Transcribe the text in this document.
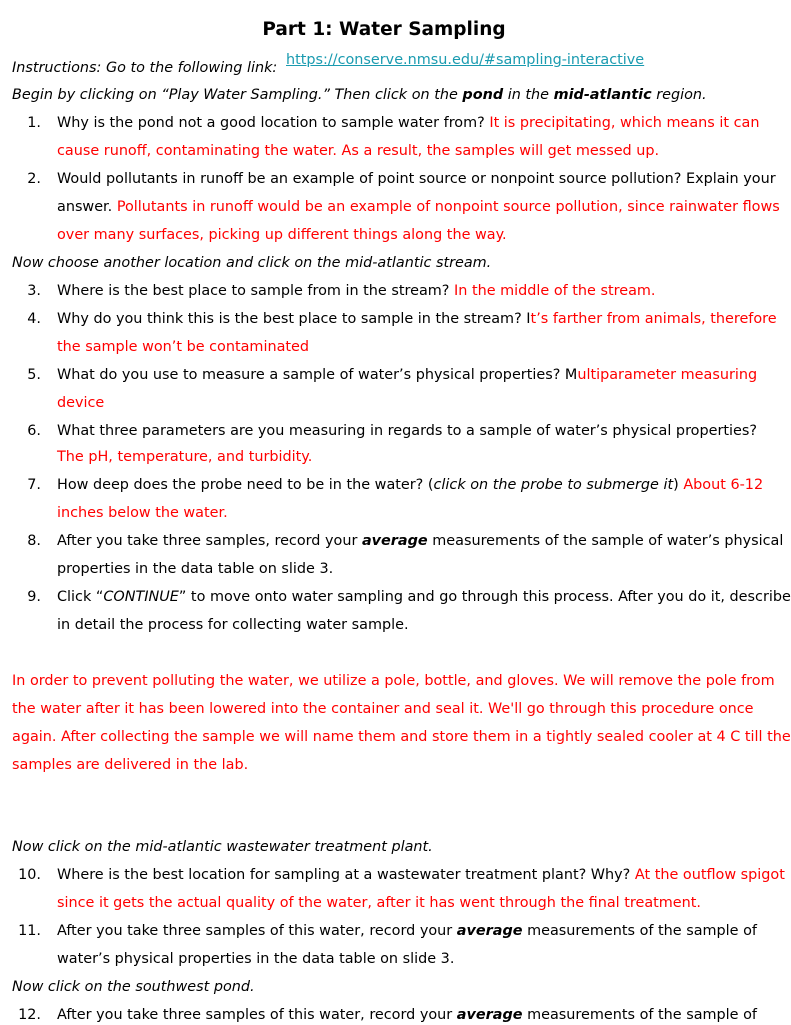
Part 1: Water Sampling
Instructions: Go to the following link: https://conserve.nmsu.edu/#sampling-interactive
Begin by clicking on “Play Water Sampling.” Then click on the pond in the mid-atlantic region.
1. Why is the pond not a good location to sample water from? It is precipitating, which means it can
cause runoff, contaminating the water. As a result, the samples will get messed up.
2. Would pollutants in runoff be an example of point source or nonpoint source pollution? Explain your
answer. Pollutants in runoff would be an example of nonpoint source pollution, since rainwater flows
over many surfaces, picking up different things along the way.
Now choose another location and click on the mid-atlantic stream.
3. Where is the best place to sample from in the stream? In the middle of the stream.
4. Why do you think this is the best place to sample in the stream? It’s farther from animals, therefore
the sample won’t be contaminated
5. What do you use to measure a sample of water’s physical properties? Multiparameter measuring
device
6. What three parameters are you measuring in regards to a sample of water’s physical properties?
The pH, temperature, and turbidity.
7. How deep does the probe need to be in the water? (click on the probe to submerge it) About 6-12
inches below the water.
8. After you take three samples, record your average measurements of the sample of water’s physical
properties in the data table on slide 3.
9. Click “CONTINUE” to move onto water sampling and go through this process. After you do it, describe
in detail the process for collecting water sample.
In order to prevent polluting the water, we utilize a pole, bottle, and gloves. We will remove the pole from
the water after it has been lowered into the container and seal it. We'll go through this procedure once
again. After collecting the sample we will name them and store them in a tightly sealed cooler at 4 C till the
samples are delivered in the lab.
Now click on the mid-atlantic wastewater treatment plant.
10. Where is the best location for sampling at a wastewater treatment plant? Why? At the outflow spigot
since it gets the actual quality of the water, after it has went through the final treatment.
11. After you take three samples of this water, record your average measurements of the sample of
water’s physical properties in the data table on slide 3.
Now click on the southwest pond.
12. After you take three samples of this water, record your average measurements of the sample of
